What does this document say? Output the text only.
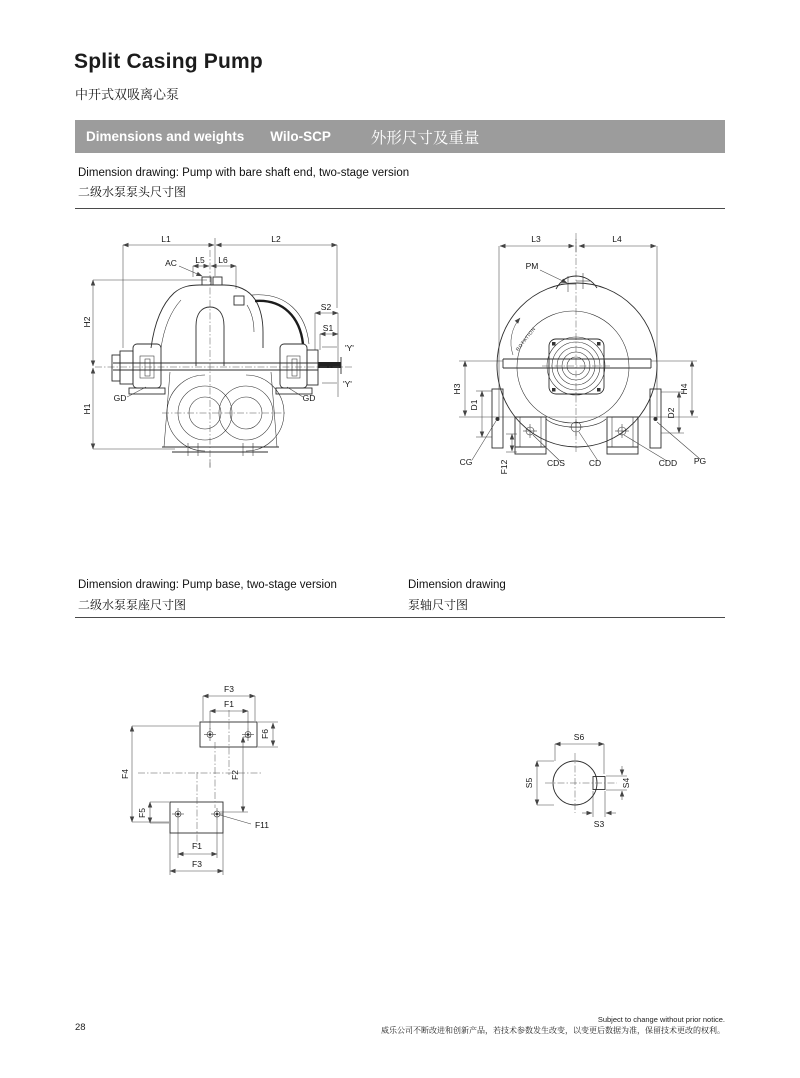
Split Casing Pump
中开式双吸离心泵
Dimensions and weights Wilo-SCP	外形尺寸及重量
Dimension drawing: Pump with bare shaft end, two-stage version
二级水泵泵头尺寸图
L1	L2
L5 L6
AC
H2
H1
S2
S1
'Y'
'Y'
GD	GD
L3	L4
PM
ROTATION
H3
D1
H4
D2
F12
CG	CDS	CD	CDD PG
Dimension drawing: Pump base, two-stage version
二级水泵泵座尺寸图
Dimension drawing
泵轴尺寸图
F3
F1
F6
F4	F2
F5
F11
F1
F3
S6
S5	S4
S3
28
Subject to change without prior notice.
威乐公司不断改进和创新产品，若技术参数发生改变，以变更后数据为准，保留技术更改的权利。
